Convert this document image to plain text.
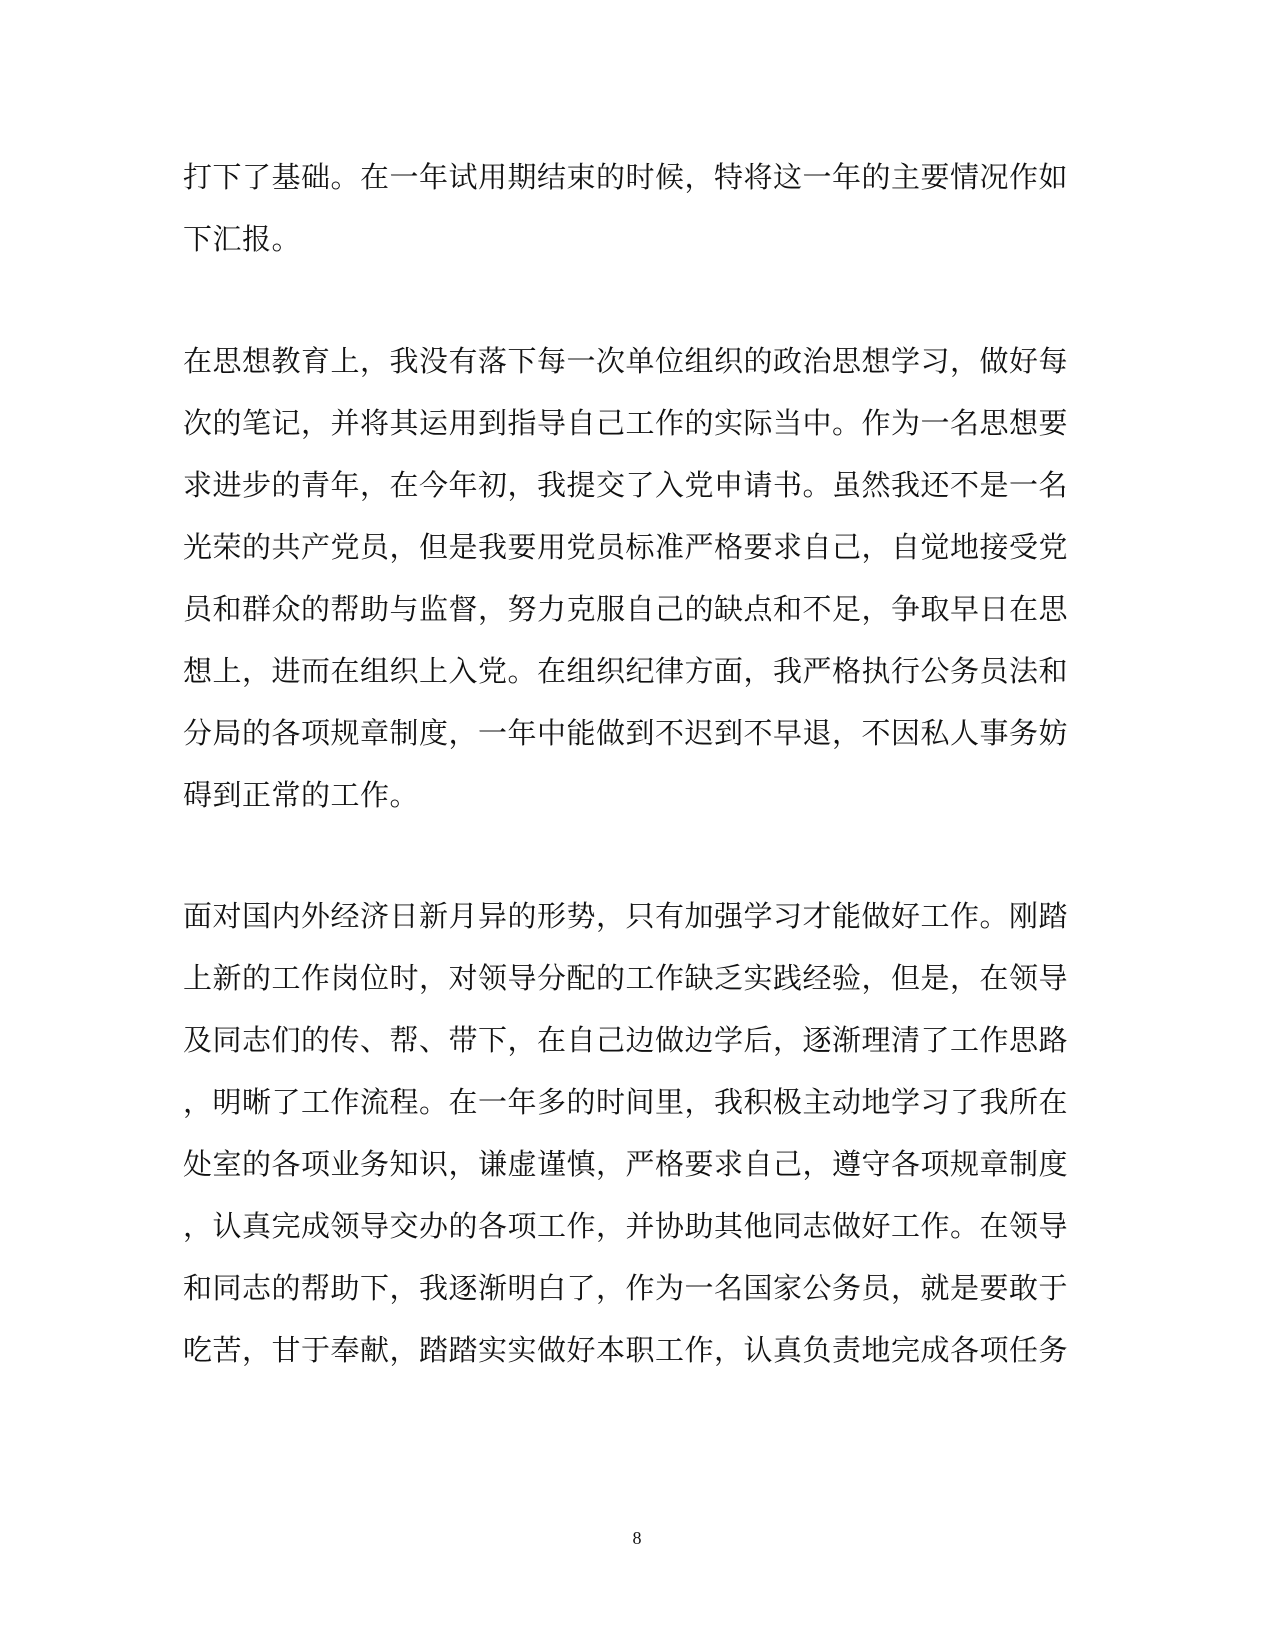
打下了基础。在一年试用期结束的时候，特将这一年的主要情况作如
下汇报。
在思想教育上，我没有落下每一次单位组织的政治思想学习，做好每
次的笔记，并将其运用到指导自己工作的实际当中。作为一名思想要
求进步的青年，在今年初，我提交了入党申请书。虽然我还不是一名
光荣的共产党员，但是我要用党员标准严格要求自己，自觉地接受党
员和群众的帮助与监督，努力克服自己的缺点和不足，争取早日在思
想上，进而在组织上入党。在组织纪律方面，我严格执行公务员法和
分局的各项规章制度，一年中能做到不迟到不早退，不因私人事务妨
碍到正常的工作。
面对国内外经济日新月异的形势，只有加强学习才能做好工作。刚踏
上新的工作岗位时，对领导分配的工作缺乏实践经验，但是，在领导
及同志们的传、帮、带下，在自己边做边学后，逐渐理清了工作思路
，明晰了工作流程。在一年多的时间里，我积极主动地学习了我所在
处室的各项业务知识，谦虚谨慎，严格要求自己，遵守各项规章制度
，认真完成领导交办的各项工作，并协助其他同志做好工作。在领导
和同志的帮助下，我逐渐明白了，作为一名国家公务员，就是要敢于
吃苦，甘于奉献，踏踏实实做好本职工作，认真负责地完成各项任务
8
